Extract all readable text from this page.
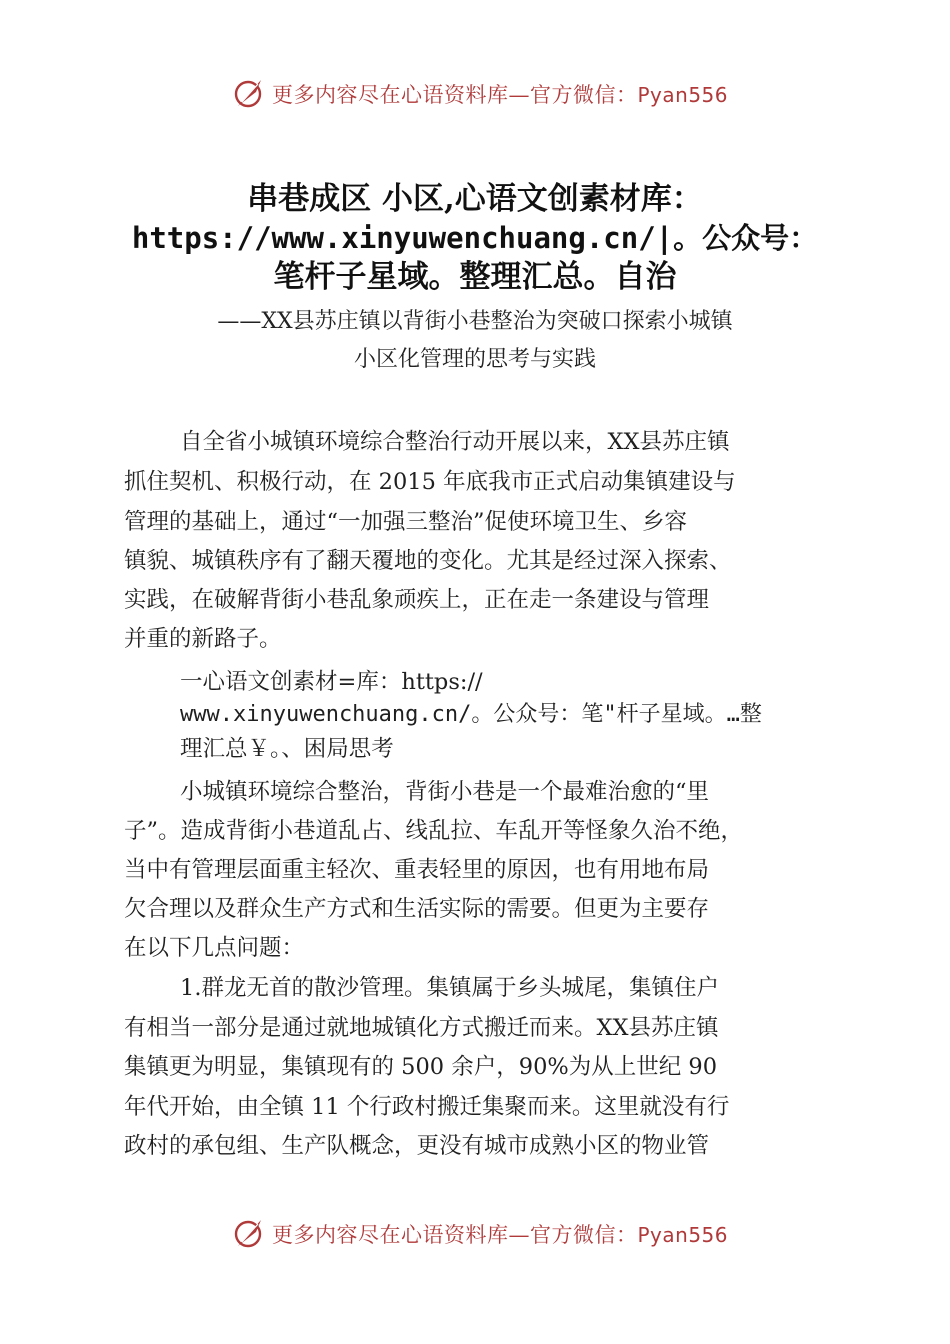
更多内容尽在心语资料库—官方微信：Pyan556
串巷成区 小区,心语文创素材库：
https://www.xinyuwenchuang.cn/|。公众号：
笔杆子星域。整理汇总。自治
——XX县苏庄镇以背街小巷整治为突破口探索小城镇
小区化管理的思考与实践
自全省小城镇环境综合整治行动开展以来，XX县苏庄镇
抓住契机、积极行动，在 2015 年底我市正式启动集镇建设与
管理的基础上，通过“一加强三整治”促使环境卫生、乡容
镇貌、城镇秩序有了翻天覆地的变化。尤其是经过深入探索、
实践，在破解背街小巷乱象顽疾上，正在走一条建设与管理
并重的新路子。
一心语文创素材=库：https://
www.xinyuwenchuang.cn/。公众号：笔"杆子星域。…整
理汇总￥。、困局思考
小城镇环境综合整治，背街小巷是一个最难治愈的“里
子”。造成背街小巷道乱占、线乱拉、车乱开等怪象久治不绝，
当中有管理层面重主轻次、重表轻里的原因，也有用地布局
欠合理以及群众生产方式和生活实际的需要。但更为主要存
在以下几点问题：
1.群龙无首的散沙管理。集镇属于乡头城尾，集镇住户
有相当一部分是通过就地城镇化方式搬迁而来。XX县苏庄镇
集镇更为明显，集镇现有的 500 余户，90%为从上世纪 90
年代开始，由全镇 11 个行政村搬迁集聚而来。这里就没有行
政村的承包组、生产队概念，更没有城市成熟小区的物业管
更多内容尽在心语资料库—官方微信：Pyan556
